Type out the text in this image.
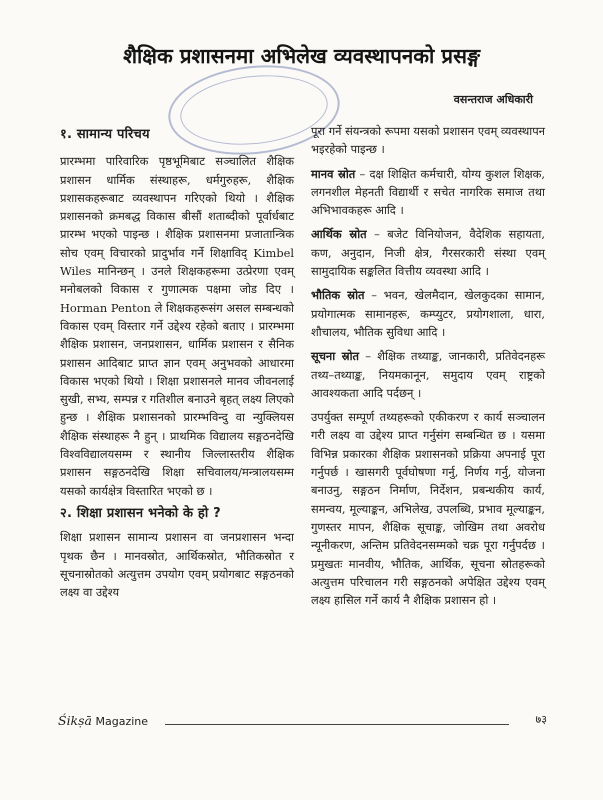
शैक्षिक प्रशासनमा अभिलेख व्यवस्थापनको प्रसङ्ग
वसन्तराज अधिकारी
१. सामान्य परिचय

प्रारम्भमा पारिवारिक पृष्ठभूमिबाट सञ्चालित शैक्षिक प्रशासन धार्मिक संस्थाहरू, धर्मगुरुहरू, शैक्षिक प्रशासकहरूबाट व्यवस्थापन गरिएको थियो । शैक्षिक प्रशासनको क्रमबद्ध विकास बीसौं शताब्दीको पूर्वार्धबाट प्रारम्भ भएको पाइन्छ । शैक्षिक प्रशासनमा प्रजातान्त्रिक सोच एवम् विचारको प्रादुर्भाव गर्ने शिक्षाविद् Kimbel Wiles मानिन्छन् । उनले शिक्षकहरूमा उत्प्रेरणा एवम् मनोबलको विकास र गुणात्मक पक्षमा जोड दिए । Horman Penton ले शिक्षकहरूसंग असल सम्बन्धको विकास एवम् विस्तार गर्ने उद्देश्य रहेको बताए । प्रारम्भमा शैक्षिक प्रशासन, जनप्रशासन, धार्मिक प्रशासन र सैनिक प्रशासन आदिबाट प्राप्त ज्ञान एवम् अनुभवको आधारमा विकास भएको थियो । शिक्षा प्रशासनले मानव जीवनलाई सुखी, सभ्य, सम्पन्न र गतिशील बनाउने बृहत् लक्ष्य लिएको हुन्छ । शैक्षिक प्रशासनको प्रारम्भविन्दु वा न्युक्लियस शैक्षिक संस्थाहरू नै हुन् । प्राथमिक विद्यालय सङ्गठनदेखि विश्वविद्यालयसम्म र स्थानीय जिल्लास्तरीय शैक्षिक प्रशासन सङ्गठनदेखि शिक्षा सचिवालय/मन्त्रालयसम्म यसको कार्यक्षेत्र विस्तारित भएको छ ।

२. शिक्षा प्रशासन भनेको के हो ?

शिक्षा प्रशासन सामान्य प्रशासन वा जनप्रशासन भन्दा पृथक छैन । मानवस्रोत, आर्थिकस्रोत, भौतिकस्रोत र सूचनास्रोतको अत्युत्तम उपयोग एवम् प्रयोगबाट सङ्गठनको लक्ष्य वा उद्देश्य

पूरा गर्ने संयन्त्रको रूपमा यसको प्रशासन एवम् व्यवस्थापन भइरहेको पाइन्छ ।

मानव स्रोत – दक्ष शिक्षित कर्मचारी, योग्य कुशल शिक्षक, लगनशील मेहनती विद्यार्थी र सचेत नागरिक समाज तथा अभिभावकहरू आदि ।

आर्थिक स्रोत – बजेट विनियोजन, वैदेशिक सहायता, कण, अनुदान, निजी क्षेत्र, गैरसरकारी संस्था एवम् सामुदायिक सङ्कलित वित्तीय व्यवस्था आदि ।

भौतिक स्रोत – भवन, खेलमैदान, खेलकुदका सामान, प्रयोगात्मक सामानहरू, कम्प्युटर, प्रयोगशाला, धारा, शौचालय, भौतिक सुविधा आदि ।

सूचना स्रोत – शैक्षिक तथ्याङ्क, जानकारी, प्रतिवेदनहरू तथ्य–तथ्याङ्क, नियमकानून, समुदाय एवम् राष्ट्रको आवश्यकता आदि पर्दछन् ।

उपर्युक्त सम्पूर्ण तथ्यहरूको एकीकरण र कार्य सञ्चालन गरी लक्ष्य वा उद्देश्य प्राप्त गर्नुसंग सम्बन्धित छ । यसमा विभिन्न प्रकारका शैक्षिक प्रशासनको प्रक्रिया अपनाई पूरा गर्नुपर्छ । खासगरी पूर्वघोषणा गर्नु, निर्णय गर्नु, योजना बनाउनु, सङ्गठन निर्माण, निर्देशन, प्रबन्धकीय कार्य, समन्वय, मूल्याङ्कन, अभिलेख, उपलब्धि, प्रभाव मूल्याङ्कन, गुणस्तर मापन, शैक्षिक सूचाङ्क, जोखिम तथा अवरोध न्यूनीकरण, अन्तिम प्रतिवेदनसम्मको चक्र पूरा गर्नुपर्दछ । प्रमुखतः मानवीय, भौतिक, आर्थिक, सूचना स्रोतहरूको अत्युत्तम परिचालन गरी सङ्गठनको अपेक्षित उद्देश्य एवम् लक्ष्य हासिल गर्ने कार्य नै शैक्षिक प्रशासन हो ।

Śikṣā Magazine	७३
